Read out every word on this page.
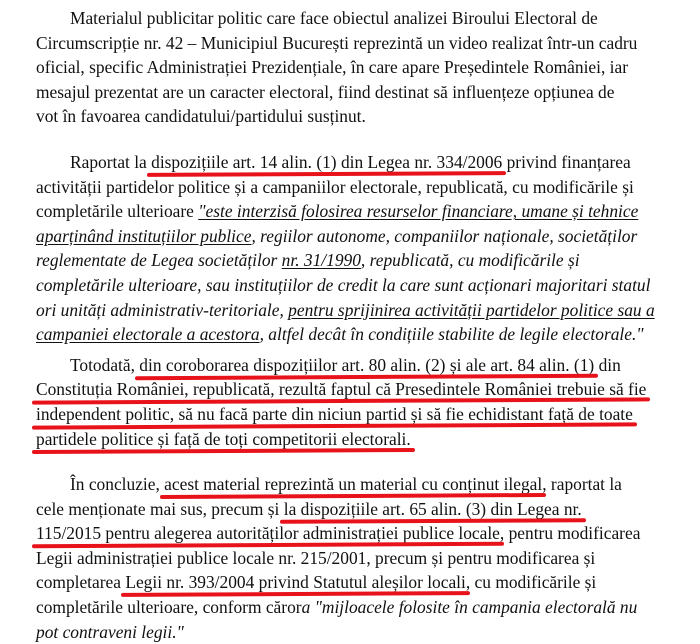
Materialul publicitar politic care face obiectul analizei Biroului Electoral de
Circumscripție nr. 42 – Municipiul București reprezintă un video realizat într-un cadru
oficial, specific Administrației Prezidențiale, în care apare Președintele României, iar
mesajul prezentat are un caracter electoral, fiind destinat să influențeze opțiunea de
vot în favoarea candidatului/partidului susținut.

Raportat la dispozițiile art. 14 alin. (1) din Legea nr. 334/2006 privind finanțarea
activității partidelor politice și a campaniilor electorale, republicată, cu modificările și
completările ulterioare "este interzisă folosirea resurselor financiare, umane și tehnice
aparținând instituțiilor publice, regiilor autonome, companiilor naționale, societăților
reglementate de Legea societăților nr. 31/1990, republicată, cu modificările și
completările ulterioare, sau instituțiilor de credit la care sunt acționari majoritari statul
ori unități administrativ-teritoriale, pentru sprijinirea activității partidelor politice sau a
campaniei electorale a acestora, altfel decât în condițiile stabilite de legile electorale."

Totodată, din coroborarea dispozițiilor art. 80 alin. (2) și ale art. 84 alin. (1) din
Constituția României, republicată, rezultă faptul că Presedintele României trebuie să fie
independent politic, să nu facă parte din niciun partid și să fie echidistant față de toate
partidele politice și față de toți competitorii electorali.

În concluzie, acest material reprezintă un material cu conținut ilegal, raportat la
cele menționate mai sus, precum și la dispozițiile art. 65 alin. (3) din Legea nr.
115/2015 pentru alegerea autorităților administrației publice locale, pentru modificarea
Legii administrației publice locale nr. 215/2001, precum și pentru modificarea și
completarea Legii nr. 393/2004 privind Statutul aleșilor locali, cu modificările și
completările ulterioare, conform cărora "mijloacele folosite în campania electorală nu
pot contraveni legii."
